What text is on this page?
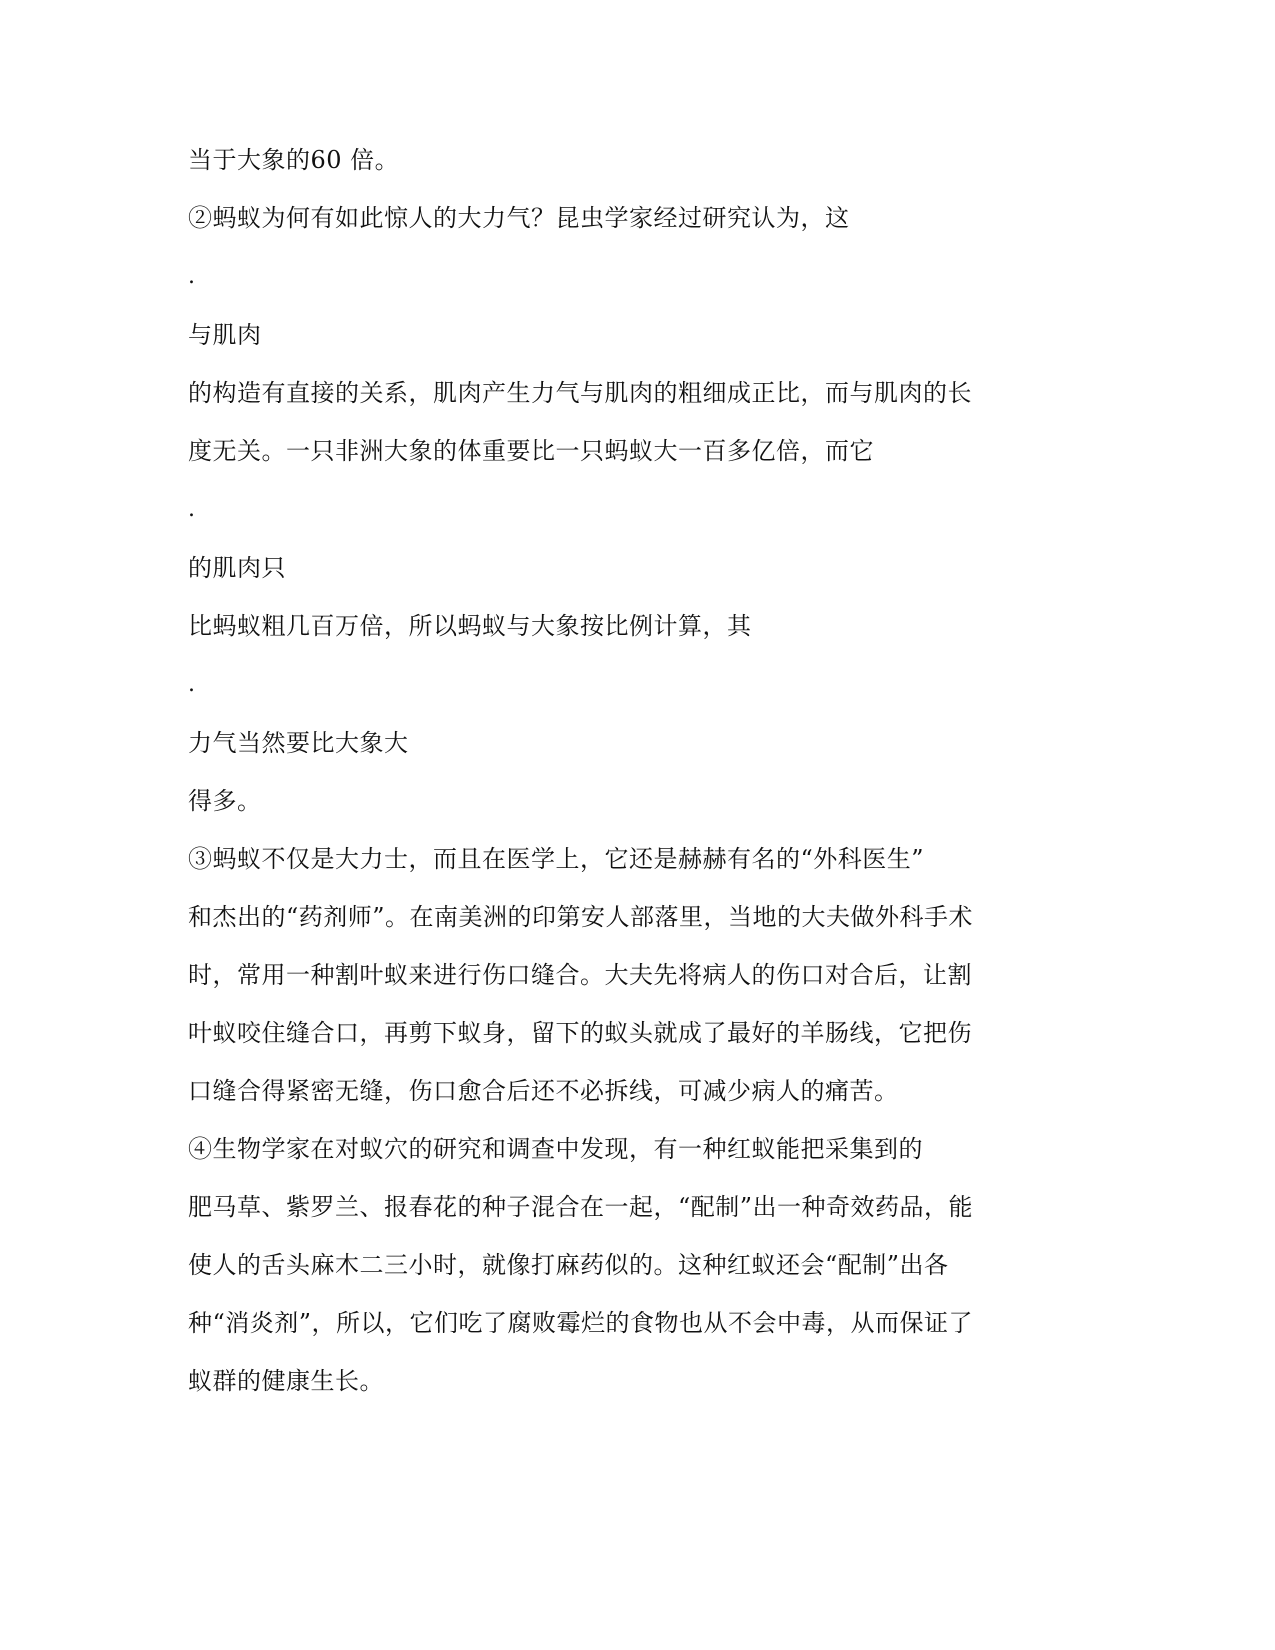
当于大象的60 倍。
②蚂蚁为何有如此惊人的大力气？昆虫学家经过研究认为，这
.
与肌肉
的构造有直接的关系，肌肉产生力气与肌肉的粗细成正比，而与肌肉的长
度无关。一只非洲大象的体重要比一只蚂蚁大一百多亿倍，而它
.
的肌肉只
比蚂蚁粗几百万倍，所以蚂蚁与大象按比例计算，其
.
力气当然要比大象大
得多。
③蚂蚁不仅是大力士，而且在医学上，它还是赫赫有名的“外科医生”
和杰出的“药剂师”。在南美洲的印第安人部落里，当地的大夫做外科手术
时，常用一种割叶蚁来进行伤口缝合。大夫先将病人的伤口对合后，让割
叶蚁咬住缝合口，再剪下蚁身，留下的蚁头就成了最好的羊肠线，它把伤
口缝合得紧密无缝，伤口愈合后还不必拆线，可减少病人的痛苦。
④生物学家在对蚁穴的研究和调查中发现，有一种红蚁能把采集到的
肥马草、紫罗兰、报春花的种子混合在一起，“配制”出一种奇效药品，能
使人的舌头麻木二三小时，就像打麻药似的。这种红蚁还会“配制”出各
种“消炎剂”，所以，它们吃了腐败霉烂的食物也从不会中毒，从而保证了
蚁群的健康生长。
